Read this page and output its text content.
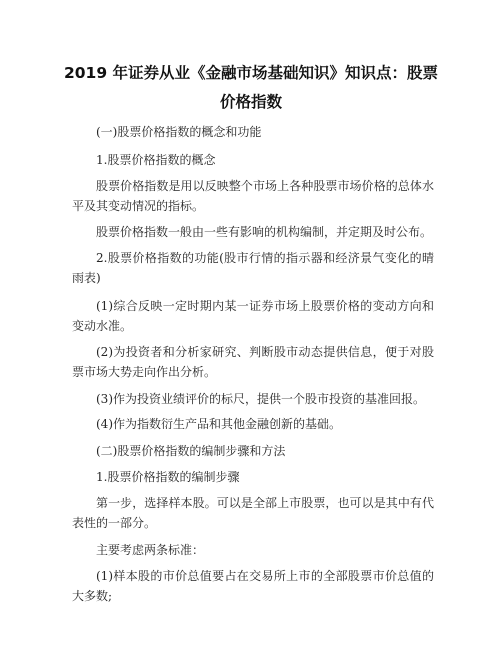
2019 年证券从业《金融市场基础知识》知识点：股票
价格指数

(一)股票价格指数的概念和功能

1.股票价格指数的概念

股票价格指数是用以反映整个市场上各种股票市场价格的总体水平及其变动情况的指标。

股票价格指数一般由一些有影响的机构编制，并定期及时公布。

2.股票价格指数的功能(股市行情的指示器和经济景气变化的晴雨表)

(1)综合反映一定时期内某一证券市场上股票价格的变动方向和变动水准。

(2)为投资者和分析家研究、判断股市动态提供信息，便于对股票市场大势走向作出分析。

(3)作为投资业绩评价的标尺，提供一个股市投资的基准回报。

(4)作为指数衍生产品和其他金融创新的基础。

(二)股票价格指数的编制步骤和方法

1.股票价格指数的编制步骤

第一步，选择样本股。可以是全部上市股票，也可以是其中有代表性的一部分。

主要考虑两条标准：

(1)样本股的市价总值要占在交易所上市的全部股票市价总值的大多数;
